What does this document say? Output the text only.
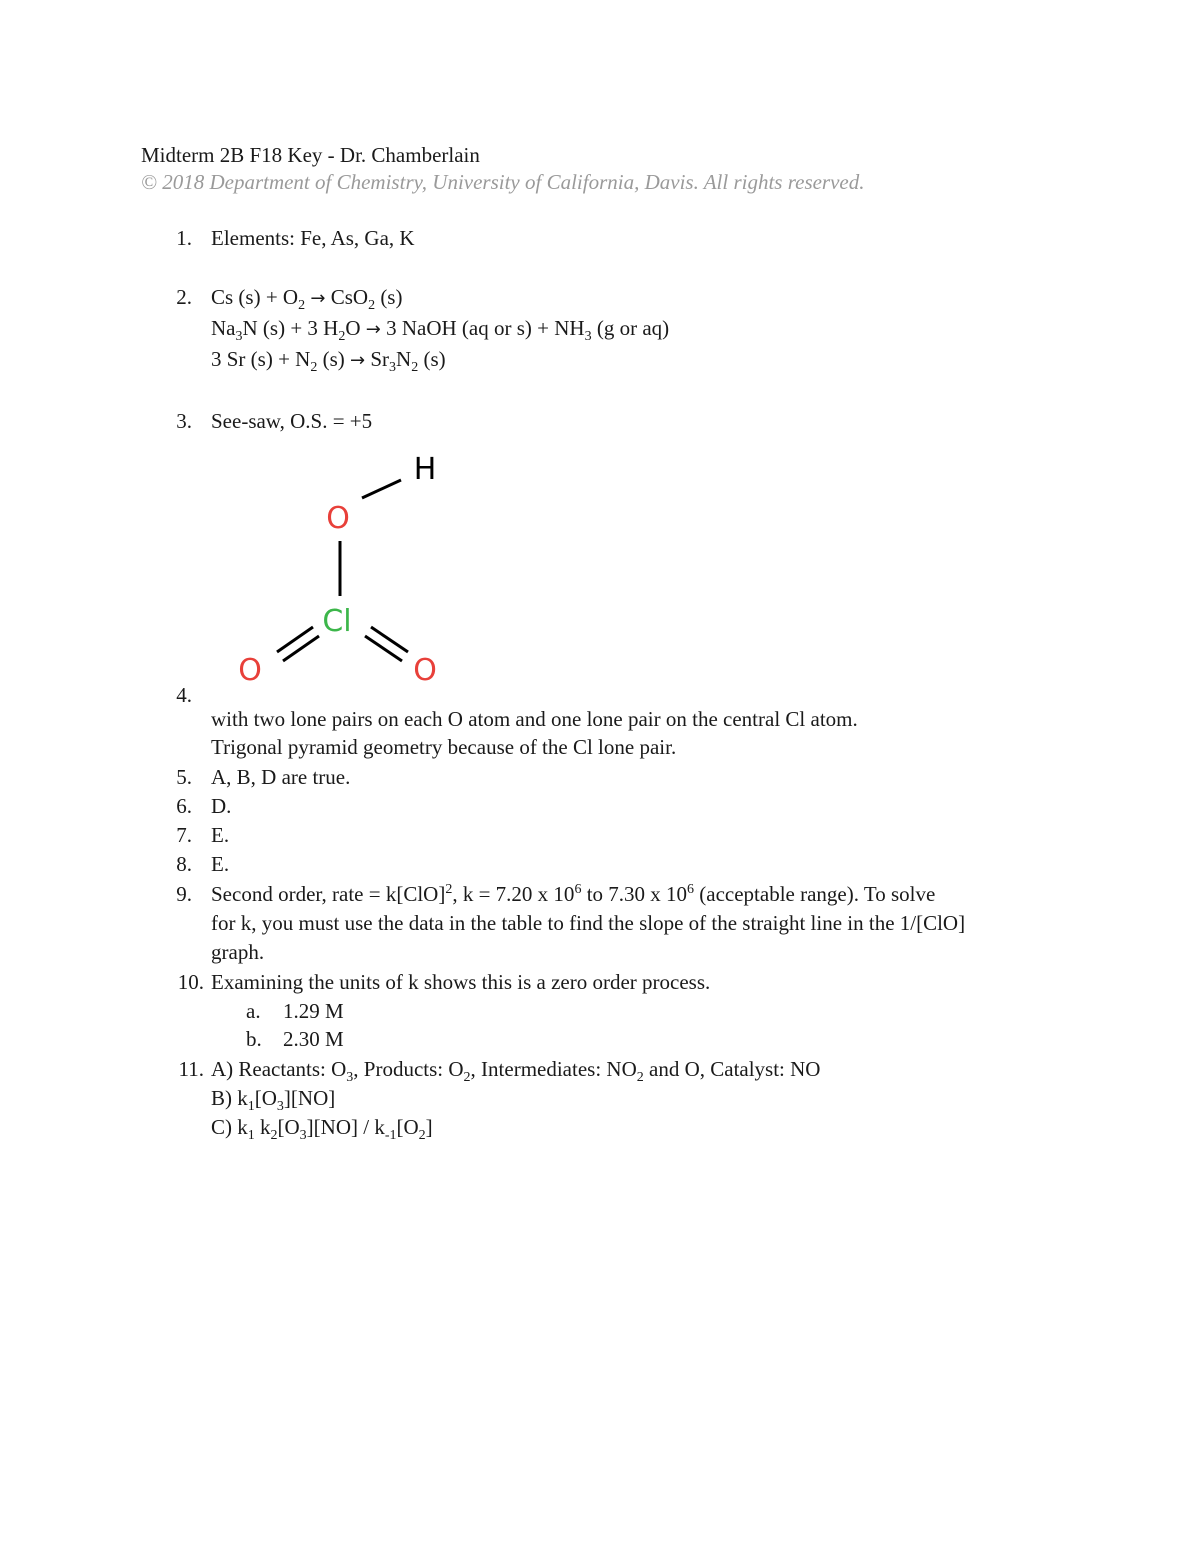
Midterm 2B F18 Key - Dr. Chamberlain
© 2018 Department of Chemistry, University of California, Davis. All rights reserved.
1. Elements: Fe, As, Ga, K
2. Cs $(s) + O_2 \to CsO_2$ (s)
$Na_3N$ (s) + 3 $H_2O \to 3$ NaOH (aq or $s) + NH_3$ (g or aq)
3 Sr $(s) + N_2$ $(s) \to Sr_3N_2$ (s)
3. See-saw, O.S. = +5
H
O
Cl
O	O
4.
with two lone pairs on each O atom and one lone pair on the central Cl atom.
Trigonal pyramid geometry because of the Cl lone pair.
5. A, B, D are true.
6. D.
7. E.
8. E.
9. Second order, rate = k[ClO]$^2$, k = 7.20 x $10^6$ to 7.30 x $10^6$ (acceptable range). To solve
for k, you must use the data in the table to find the slope of the straight line in the 1/[ClO]
graph.
10. Examining the units of k shows this is a zero order process.
a. 1.29 M
b. 2.30 M
11. A) Reactants: $O_3$, Products: $O_2$, Intermediates: $NO_2$ and O, Catalyst: NO
B) $k_1[O_3][NO]$
C) $k_1$ $k_2[O_3][NO] / k_{-1}[O_2]$
